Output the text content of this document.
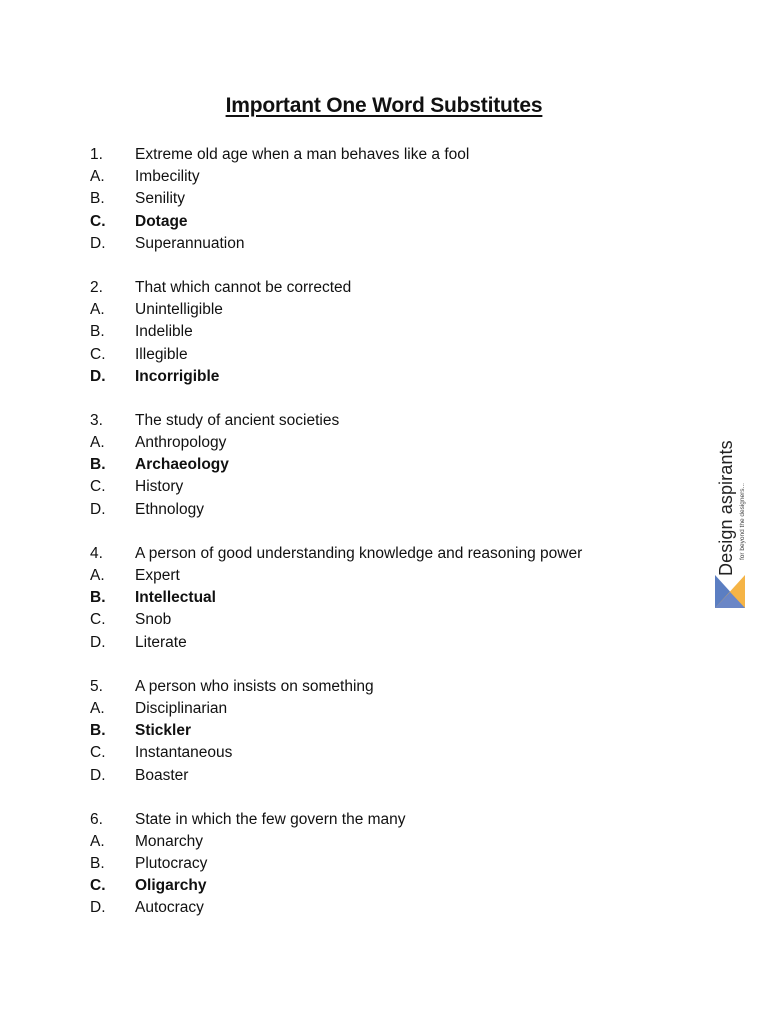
Important One Word Substitutes
1. Extreme old age when a man behaves like a fool
A. Imbecility
B. Senility
C. Dotage
D. Superannuation
2. That which cannot be corrected
A. Unintelligible
B. Indelible
C. Illegible
D. Incorrigible
3. The study of ancient societies
A. Anthropology
B. Archaeology
C. History
D. Ethnology
4. A person of good understanding knowledge and reasoning power
A. Expert
B. Intellectual
C. Snob
D. Literate
5. A person who insists on something
A. Disciplinarian
B. Stickler
C. Instantaneous
D. Boaster
6. State in which the few govern the many
A. Monarchy
B. Plutocracy
C. Oligarchy
D. Autocracy
Design aspirants for beyond the designers...
